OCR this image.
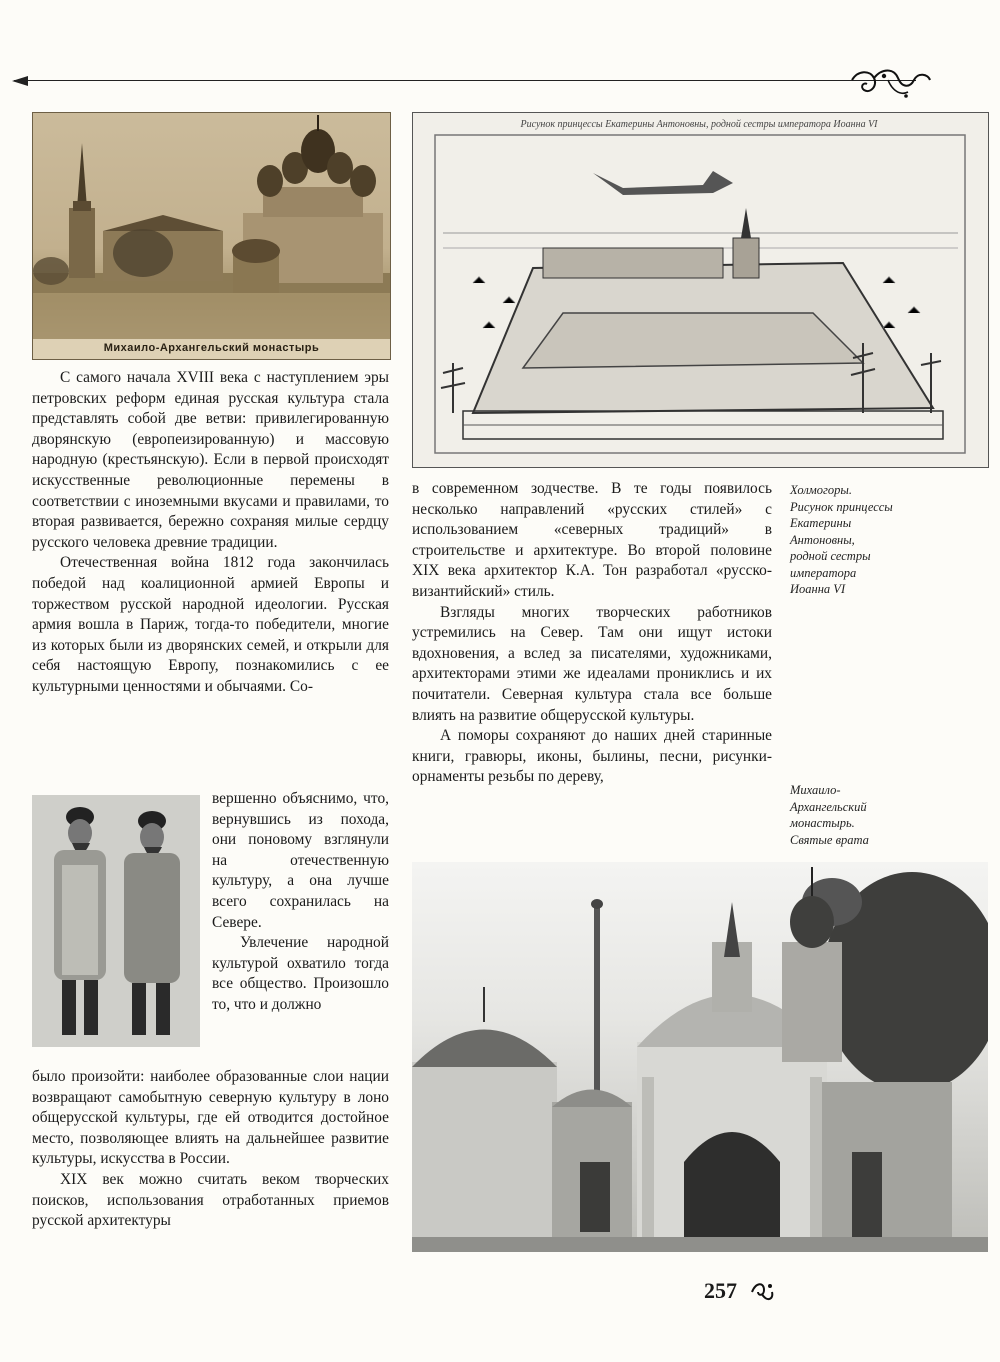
Михаило-Архангельский монастырь
Рисунок принцессы Екатерины Антоновны, родной сестры императора Иоанна VI
Холмогоры.
Рисунок принцессы
Екатерины
Антоновны,
родной сестры
императора
Иоанна VI
Михаило-
Архангельский
монастырь.
Святые врата

С самого начала XVIII века с наступлением эры петровских реформ единая русская культура стала представлять собой две ветви: привилегированную дворянскую (европеизированную) и массовую народную (крестьянскую). Если в первой происходят искусственные революционные перемены в соответствии с иноземными вкусами и правилами, то вторая развивается, бережно сохраняя милые сердцу русского человека древние традиции.

Отечественная война 1812 года закончилась победой над коалиционной армией Европы и торжеством русской народной идеологии. Русская армия вошла в Париж, тогда-то победители, многие из которых были из дворянских семей, и открыли для себя настоящую Европу, познакомились с ее культурными ценностями и обычаями. Со-

вершенно объяснимо, что, вернувшись из похода, они поновому взглянули на отечественную культуру, а она лучше всего сохранилась на Севере.

Увлечение народной культурой охватило тогда все общество. Произошло то, что и должно

было произойти: наиболее образованные слои нации возвращают самобытную северную культуру в лоно общерусской культуры, где ей отводится достойное место, позволяющее влиять на дальнейшее развитие культуры, искусства в России.

XIX век можно считать веком творческих поисков, использования отработанных приемов русской архитектуры

в современном зодчестве. В те годы появилось несколько направлений «русских стилей» с использованием «северных традиций» в строительстве и архитектуре. Во второй половине XIX века архитектор К.А. Тон разработал «русско-византийский» стиль.

Взгляды многих творческих работников устремились на Север. Там они ищут истоки вдохновения, а вслед за писателями, художниками, архитекторами этими же идеалами прониклись и их почитатели. Северная культура стала все больше влиять на развитие общерусской культуры.

А поморы сохраняют до наших дней старинные книги, гравюры, иконы, былины, песни, рисунки-орнаменты резьбы по дереву,

257
